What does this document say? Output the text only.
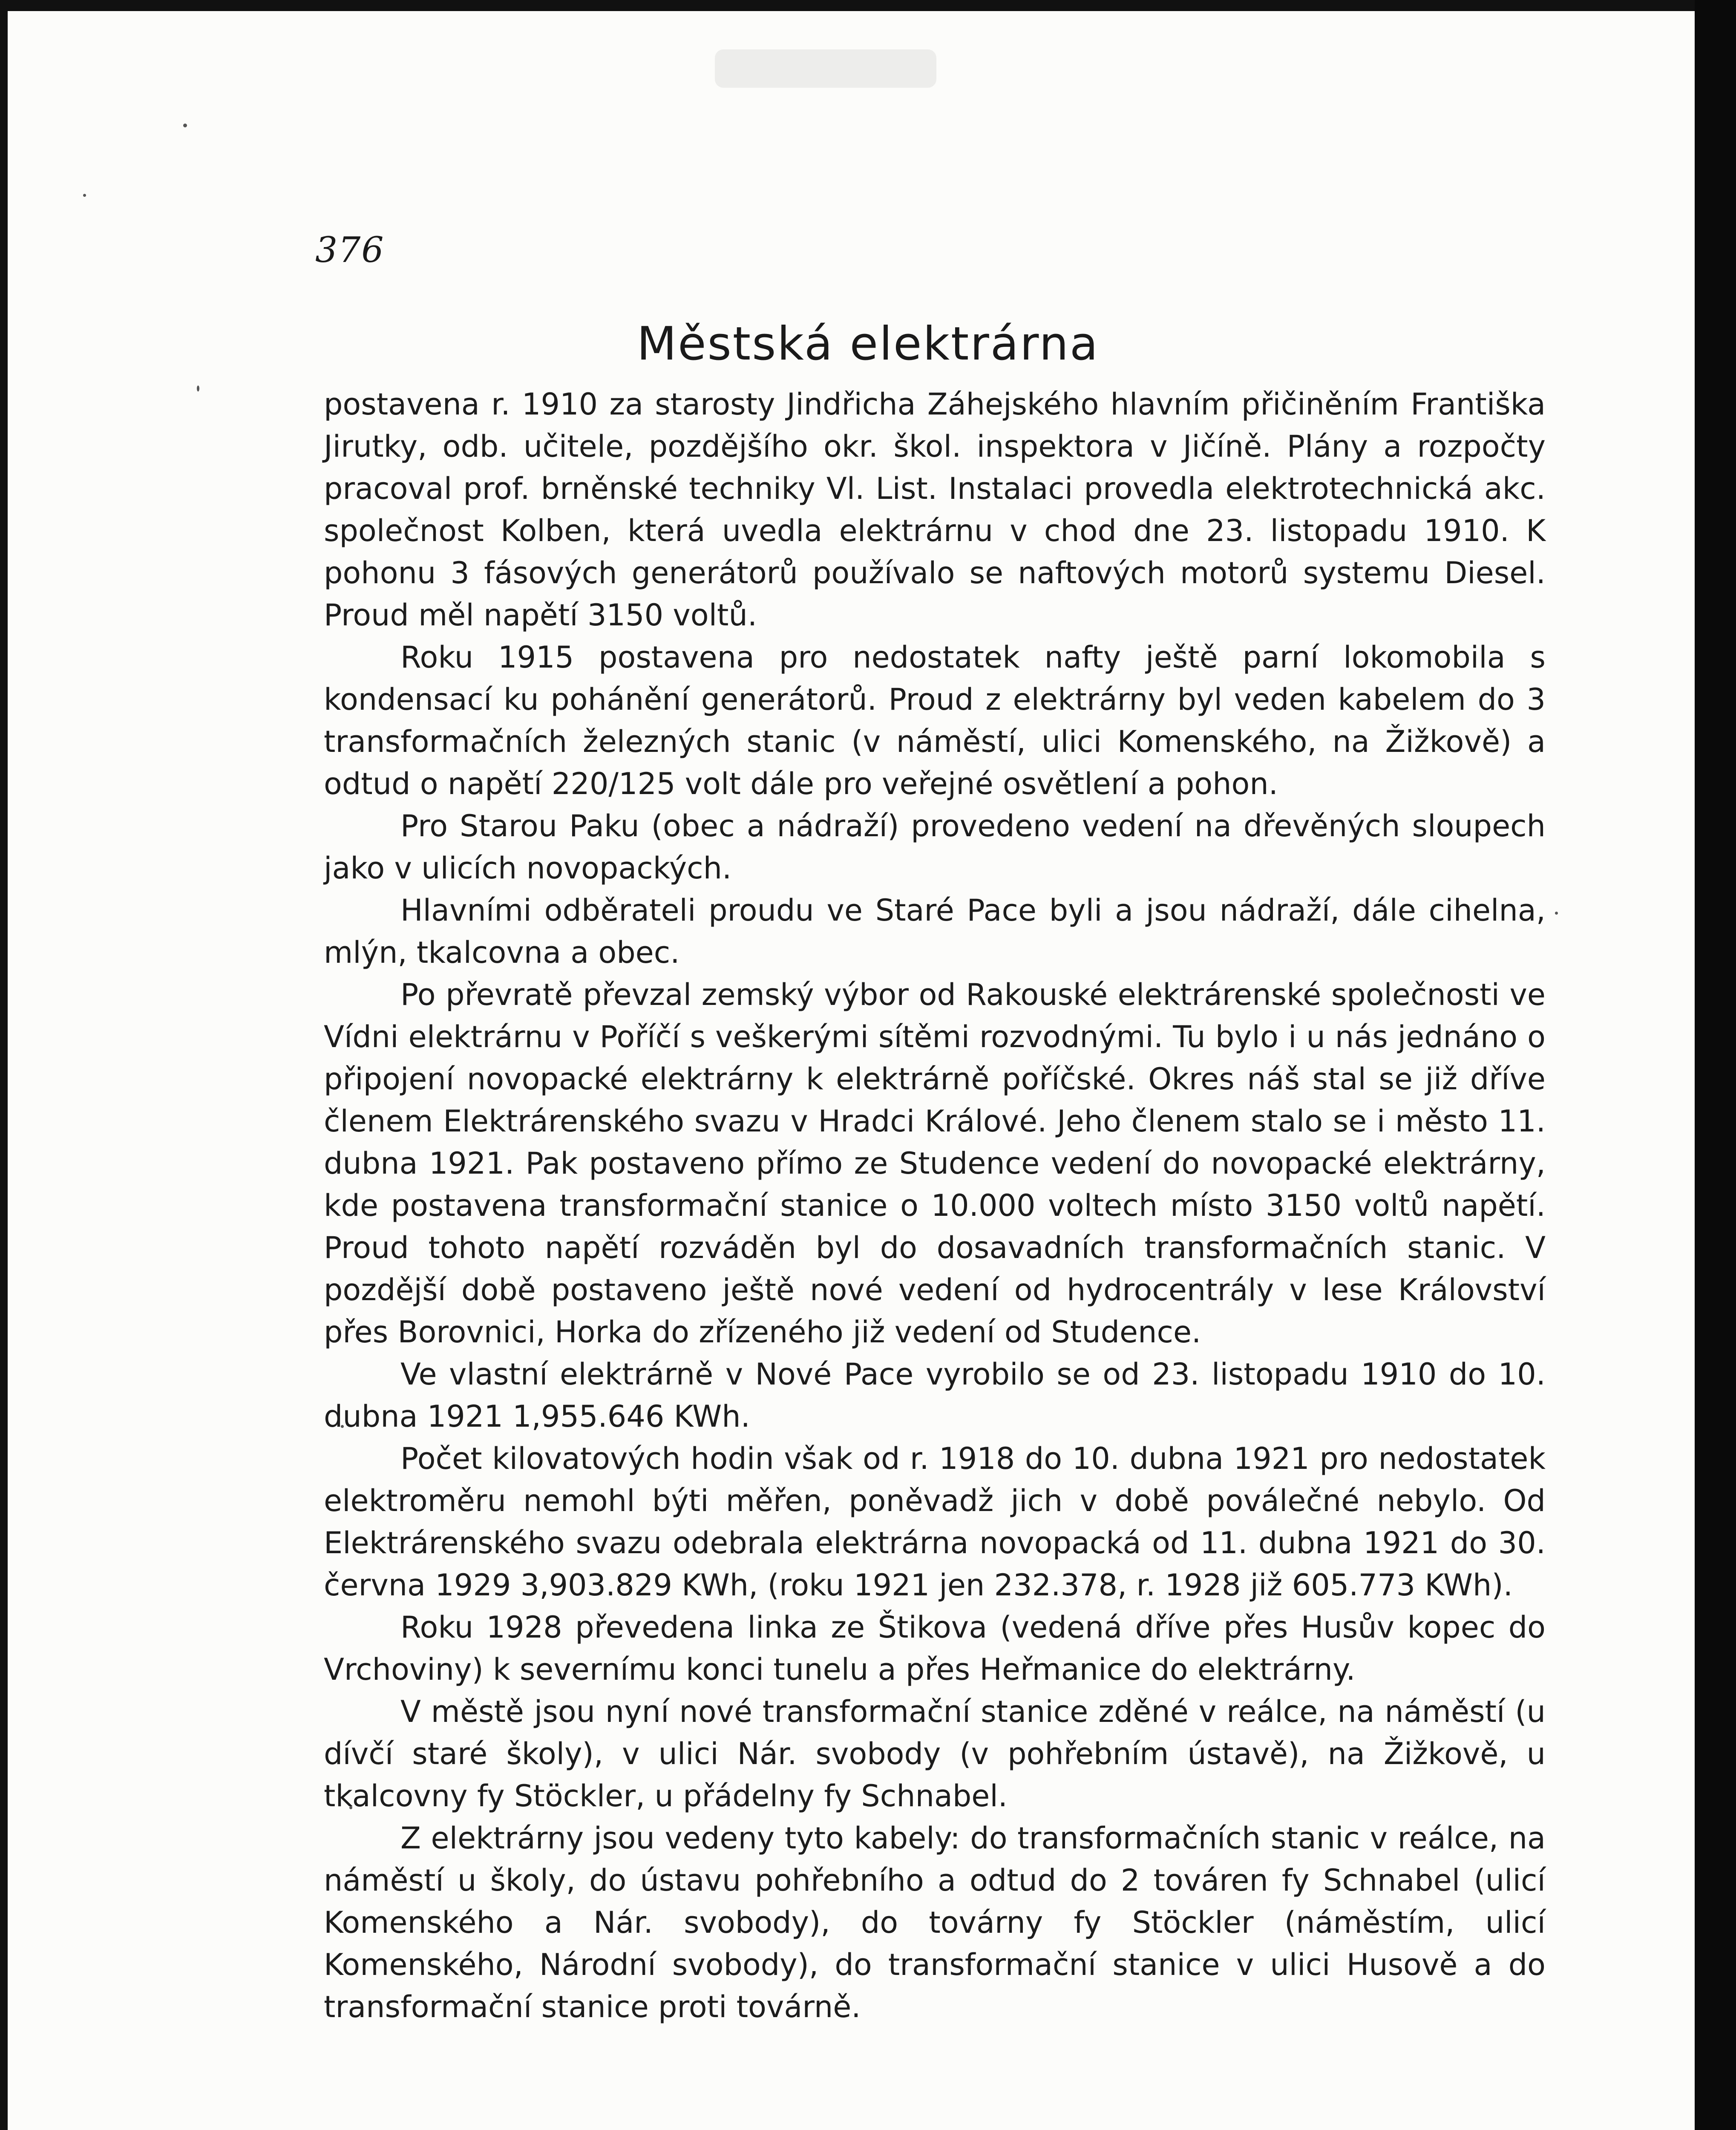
376
Městská elektrárna

postavena r. 1910 za starosty Jindřicha Záhejského hlavním přičiněním Františka Jirutky, odb. učitele, pozdějšího okr. škol. inspektora v Jičíně. Plány a rozpočty pracoval prof. brněnské techniky Vl. List. Instalaci provedla elektrotechnická akc. společnost Kolben, která uvedla elektrárnu v chod dne 23. listopadu 1910. K pohonu 3 fásových generátorů používalo se naftových motorů systemu Diesel. Proud měl napětí 3150 voltů.

Roku 1915 postavena pro nedostatek nafty ještě parní lokomobila s kondensací ku pohánění generátorů. Proud z elektrárny byl veden kabelem do 3 transformačních železných stanic (v náměstí, ulici Komenského, na Žižkově) a odtud o napětí 220/125 volt dále pro veřejné osvětlení a pohon.

Pro Starou Paku (obec a nádraží) provedeno vedení na dřevěných sloupech jako v ulicích novopackých.

Hlavními odběrateli proudu ve Staré Pace byli a jsou nádraží, dále cihelna, mlýn, tkalcovna a obec.

Po převratě převzal zemský výbor od Rakouské elektrárenské společnosti ve Vídni elektrárnu v Poříčí s veškerými sítěmi rozvodnými. Tu bylo i u nás jednáno o připojení novopacké elektrárny k elektrárně poříčské. Okres náš stal se již dříve členem Elektrárenského svazu v Hradci Králové. Jeho členem stalo se i město 11. dubna 1921. Pak postaveno přímo ze Studence vedení do novopacké elektrárny, kde postavena transformační stanice o 10.000 voltech místo 3150 voltů napětí. Proud tohoto napětí rozváděn byl do dosavadních transformačních stanic. V pozdější době postaveno ještě nové vedení od hydrocentrály v lese Království přes Borovnici, Horka do zřízeného již vedení od Studence.

Ve vlastní elektrárně v Nové Pace vyrobilo se od 23. listopadu 1910 do 10. dubna 1921 1,955.646 KWh.

Počet kilovatových hodin však od r. 1918 do 10. dubna 1921 pro nedostatek elektroměru nemohl býti měřen, poněvadž jich v době poválečné nebylo. Od Elektrárenského svazu odebrala elektrárna novopacká od 11. dubna 1921 do 30. června 1929 3,903.829 KWh, (roku 1921 jen 232.378, r. 1928 již 605.773 KWh).

Roku 1928 převedena linka ze Štikova (vedená dříve přes Husův kopec do Vrchoviny) k severnímu konci tunelu a přes Heřmanice do elektrárny.

V městě jsou nyní nové transformační stanice zděné v reálce, na náměstí (u dívčí staré školy), v ulici Nár. svobody (v pohřebním ústavě), na Žižkově, u tkalcovny fy Stöckler, u přádelny fy Schnabel.

Z elektrárny jsou vedeny tyto kabely: do transformačních stanic v reálce, na náměstí u školy, do ústavu pohřebního a odtud do 2 továren fy Schnabel (ulicí Komenského a Nár. svobody), do továrny fy Stöckler (náměstím, ulicí Komenského, Národní svobody), do transformační stanice v ulici Husově a do transformační stanice proti továrně.
